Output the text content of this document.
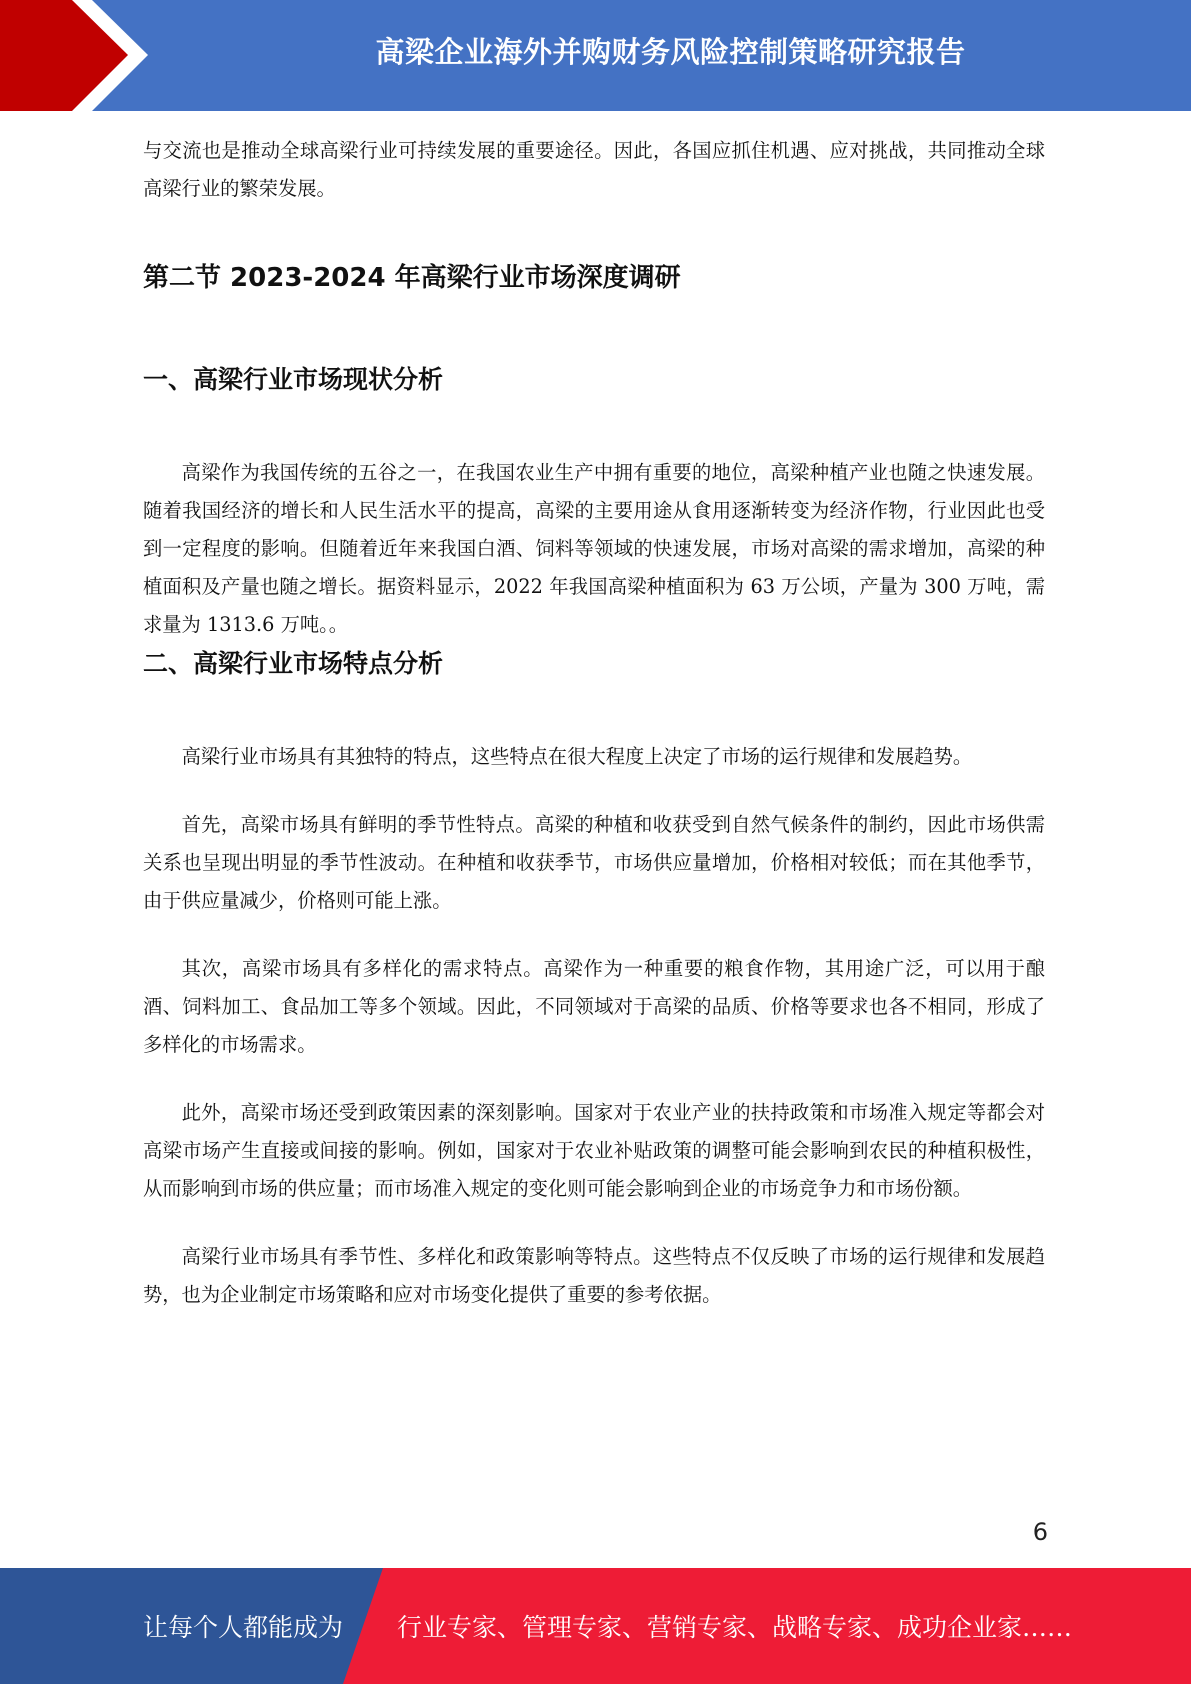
高梁企业海外并购财务风险控制策略研究报告

与交流也是推动全球高梁行业可持续发展的重要途径。因此，各国应抓住机遇、应对挑战，共同推动全球高梁行业的繁荣发展。

第二节 2023-2024 年高梁行业市场深度调研
一、高梁行业市场现状分析

高梁作为我国传统的五谷之一，在我国农业生产中拥有重要的地位，高梁种植产业也随之快速发展。随着我国经济的增长和人民生活水平的提高，高梁的主要用途从食用逐渐转变为经济作物，行业因此也受到一定程度的影响。但随着近年来我国白酒、饲料等领域的快速发展，市场对高梁的需求增加，高梁的种植面积及产量也随之增长。据资料显示，2022 年我国高梁种植面积为 63 万公顷，产量为 300 万吨，需求量为 1313.6 万吨。。

二、高梁行业市场特点分析

高梁行业市场具有其独特的特点，这些特点在很大程度上决定了市场的运行规律和发展趋势。

首先，高梁市场具有鲜明的季节性特点。高梁的种植和收获受到自然气候条件的制约，因此市场供需关系也呈现出明显的季节性波动。在种植和收获季节，市场供应量增加，价格相对较低；而在其他季节，由于供应量减少，价格则可能上涨。

其次，高梁市场具有多样化的需求特点。高梁作为一种重要的粮食作物，其用途广泛，可以用于酿酒、饲料加工、食品加工等多个领域。因此，不同领域对于高梁的品质、价格等要求也各不相同，形成了多样化的市场需求。

此外，高梁市场还受到政策因素的深刻影响。国家对于农业产业的扶持政策和市场准入规定等都会对高梁市场产生直接或间接的影响。例如，国家对于农业补贴政策的调整可能会影响到农民的种植积极性，从而影响到市场的供应量；而市场准入规定的变化则可能会影响到企业的市场竞争力和市场份额。

高梁行业市场具有季节性、多样化和政策影响等特点。这些特点不仅反映了市场的运行规律和发展趋势，也为企业制定市场策略和应对市场变化提供了重要的参考依据。

6
让每个人都能成为 行业专家、管理专家、营销专家、战略专家、成功企业家……
